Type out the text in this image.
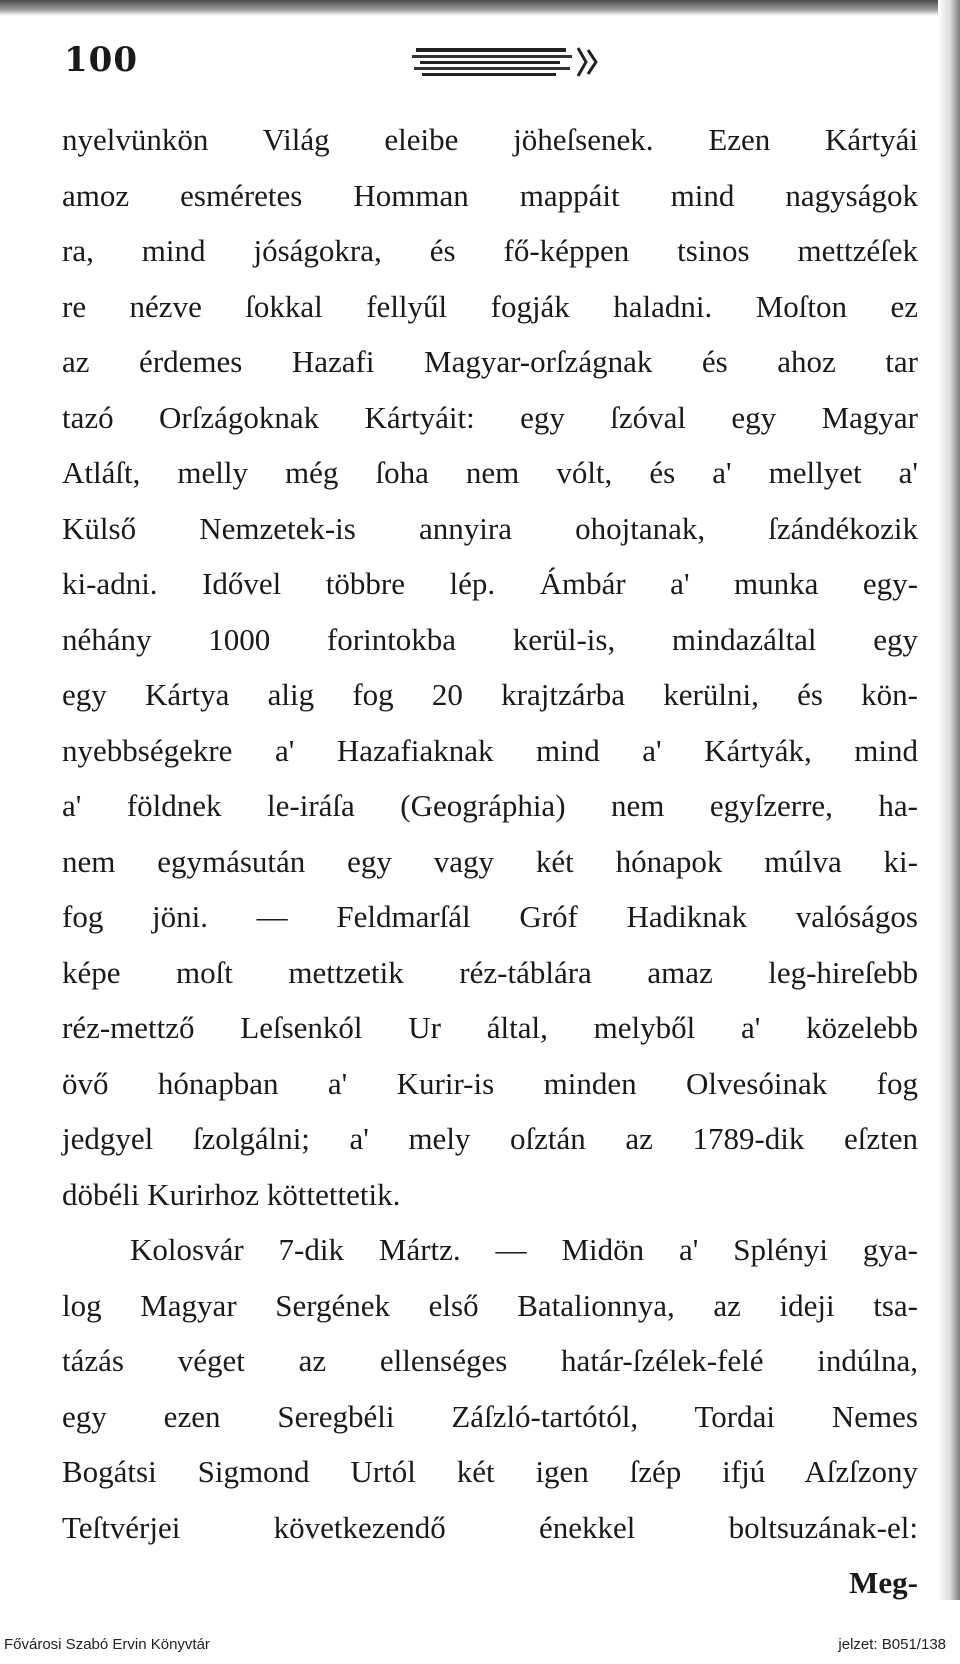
100
nyelvünkön Világ eleibe jöheſsenek. Ezen Kártyái
amoz esméretes Homman mappáit mind nagyságok
ra, mind jóságokra, és fő-képpen tsinos mettzéſek
re nézve ſokkal fellyűl fogják haladni. Moſton ez
az érdemes Hazafi Magyar-orſzágnak és ahoz tar
tazó Orſzágoknak Kártyáit: egy ſzóval egy Magyar
Atláſt, melly még ſoha nem vólt, és a' mellyet a'
Külső Nemzetek-is annyira ohojtanak, ſzándékozik
ki-adni. Idővel többre lép. Ámbár a' munka egy-
néhány 1000 forintokba kerül-is, mindazáltal egy
egy Kártya alig fog 20 krajtzárba kerülni, és kön-
nyebbségekre a' Hazafiaknak mind a' Kártyák, mind
a' földnek le-iráſa (Geográphia) nem egyſzerre, ha-
nem egymásután egy vagy két hónapok múlva ki-
fog jöni. — Feldmarſál Gróf Hadiknak valóságos
képe moſt mettzetik réz-táblára amaz leg-hireſebb
réz-mettző Leſsenkól Ur által, melyből a' közelebb
övő hónapban a' Kurir-is minden Olvesóinak fog
jedgyel ſzolgálni; a' mely oſztán az 1789-dik eſzten
döbéli Kurirhoz köttettetik.
Kolosvár 7-dik Mártz. — Midön a' Splényi gya-
log Magyar Sergének első Batalionnya, az ideji tsa-
tázás véget az ellenséges határ-ſzélek-felé indúlna,
egy ezen Seregbéli Záſzló-tartótól, Tordai Nemes
Bogátsi Sigmond Urtól két igen ſzép ifjú Aſzſzony
Teſtvérjei következendő énekkel boltsuzának-el:
Meg-
Fővárosi Szabó Ervin Könyvtár	jelzet: B051/138
